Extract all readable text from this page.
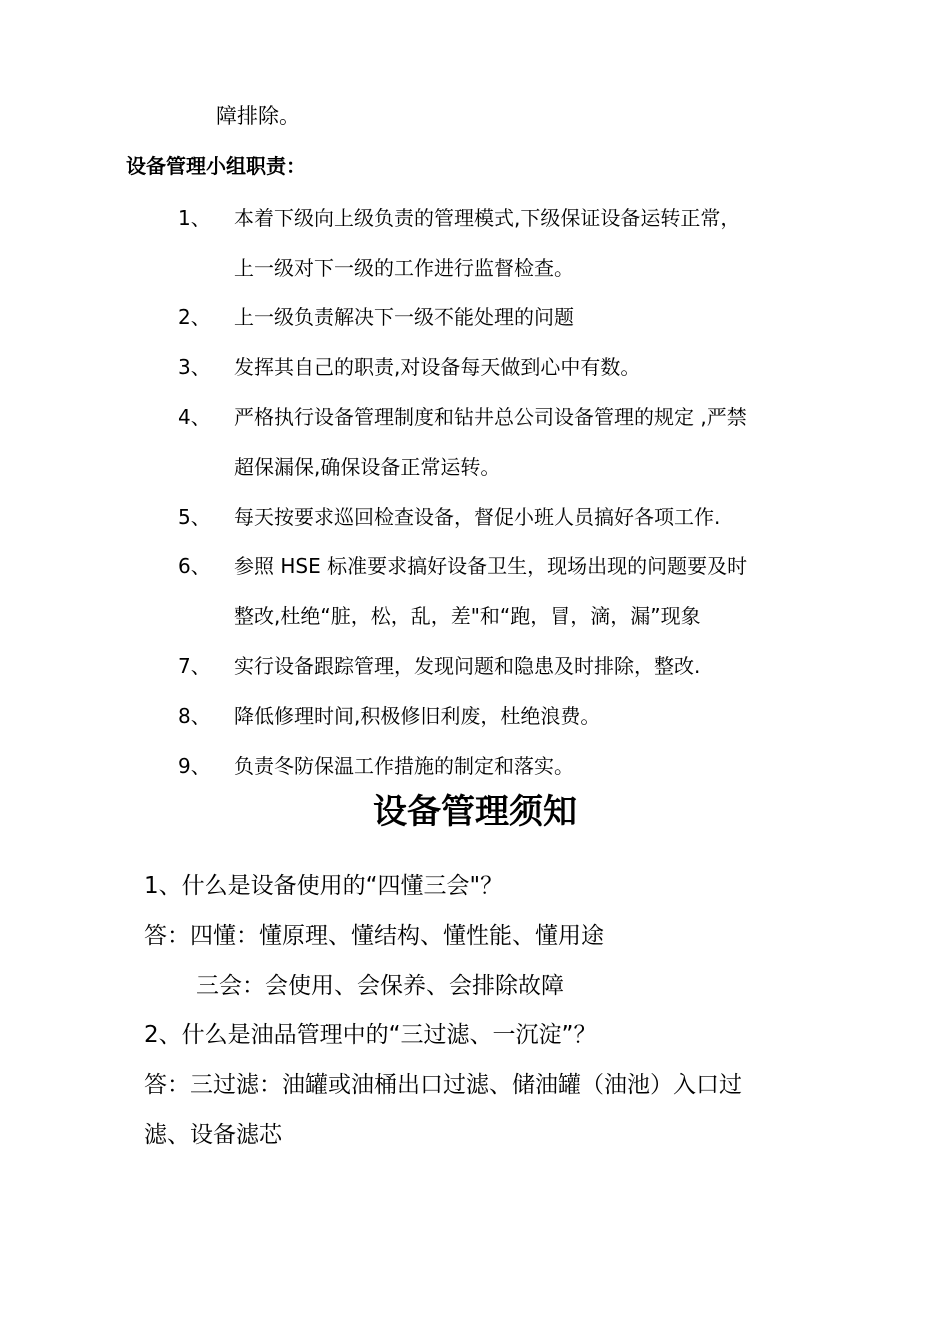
障排除。
设备管理小组职责：
1、 本着下级向上级负责的管理模式,下级保证设备运转正常，
上一级对下一级的工作进行监督检查。
2、 上一级负责解决下一级不能处理的问题
3、 发挥其自己的职责,对设备每天做到心中有数。
4、 严格执行设备管理制度和钻井总公司设备管理的规定 ,严禁
超保漏保,确保设备正常运转。
5、 每天按要求巡回检查设备，督促小班人员搞好各项工作.
6、 参照 HSE 标准要求搞好设备卫生，现场出现的问题要及时
整改,杜绝“脏，松，乱，差"和“跑，冒，滴，漏”现象
7、 实行设备跟踪管理，发现问题和隐患及时排除，整改.
8、 降低修理时间,积极修旧利废，杜绝浪费。
9、 负责冬防保温工作措施的制定和落实。
设备管理须知
1、什么是设备使用的“四懂三会"？
答：四懂：懂原理、懂结构、懂性能、懂用途
三会：会使用、会保养、会排除故障
2、什么是油品管理中的“三过滤、一沉淀”？
答：三过滤：油罐或油桶出口过滤、储油罐（油池）入口过
滤、设备滤芯
